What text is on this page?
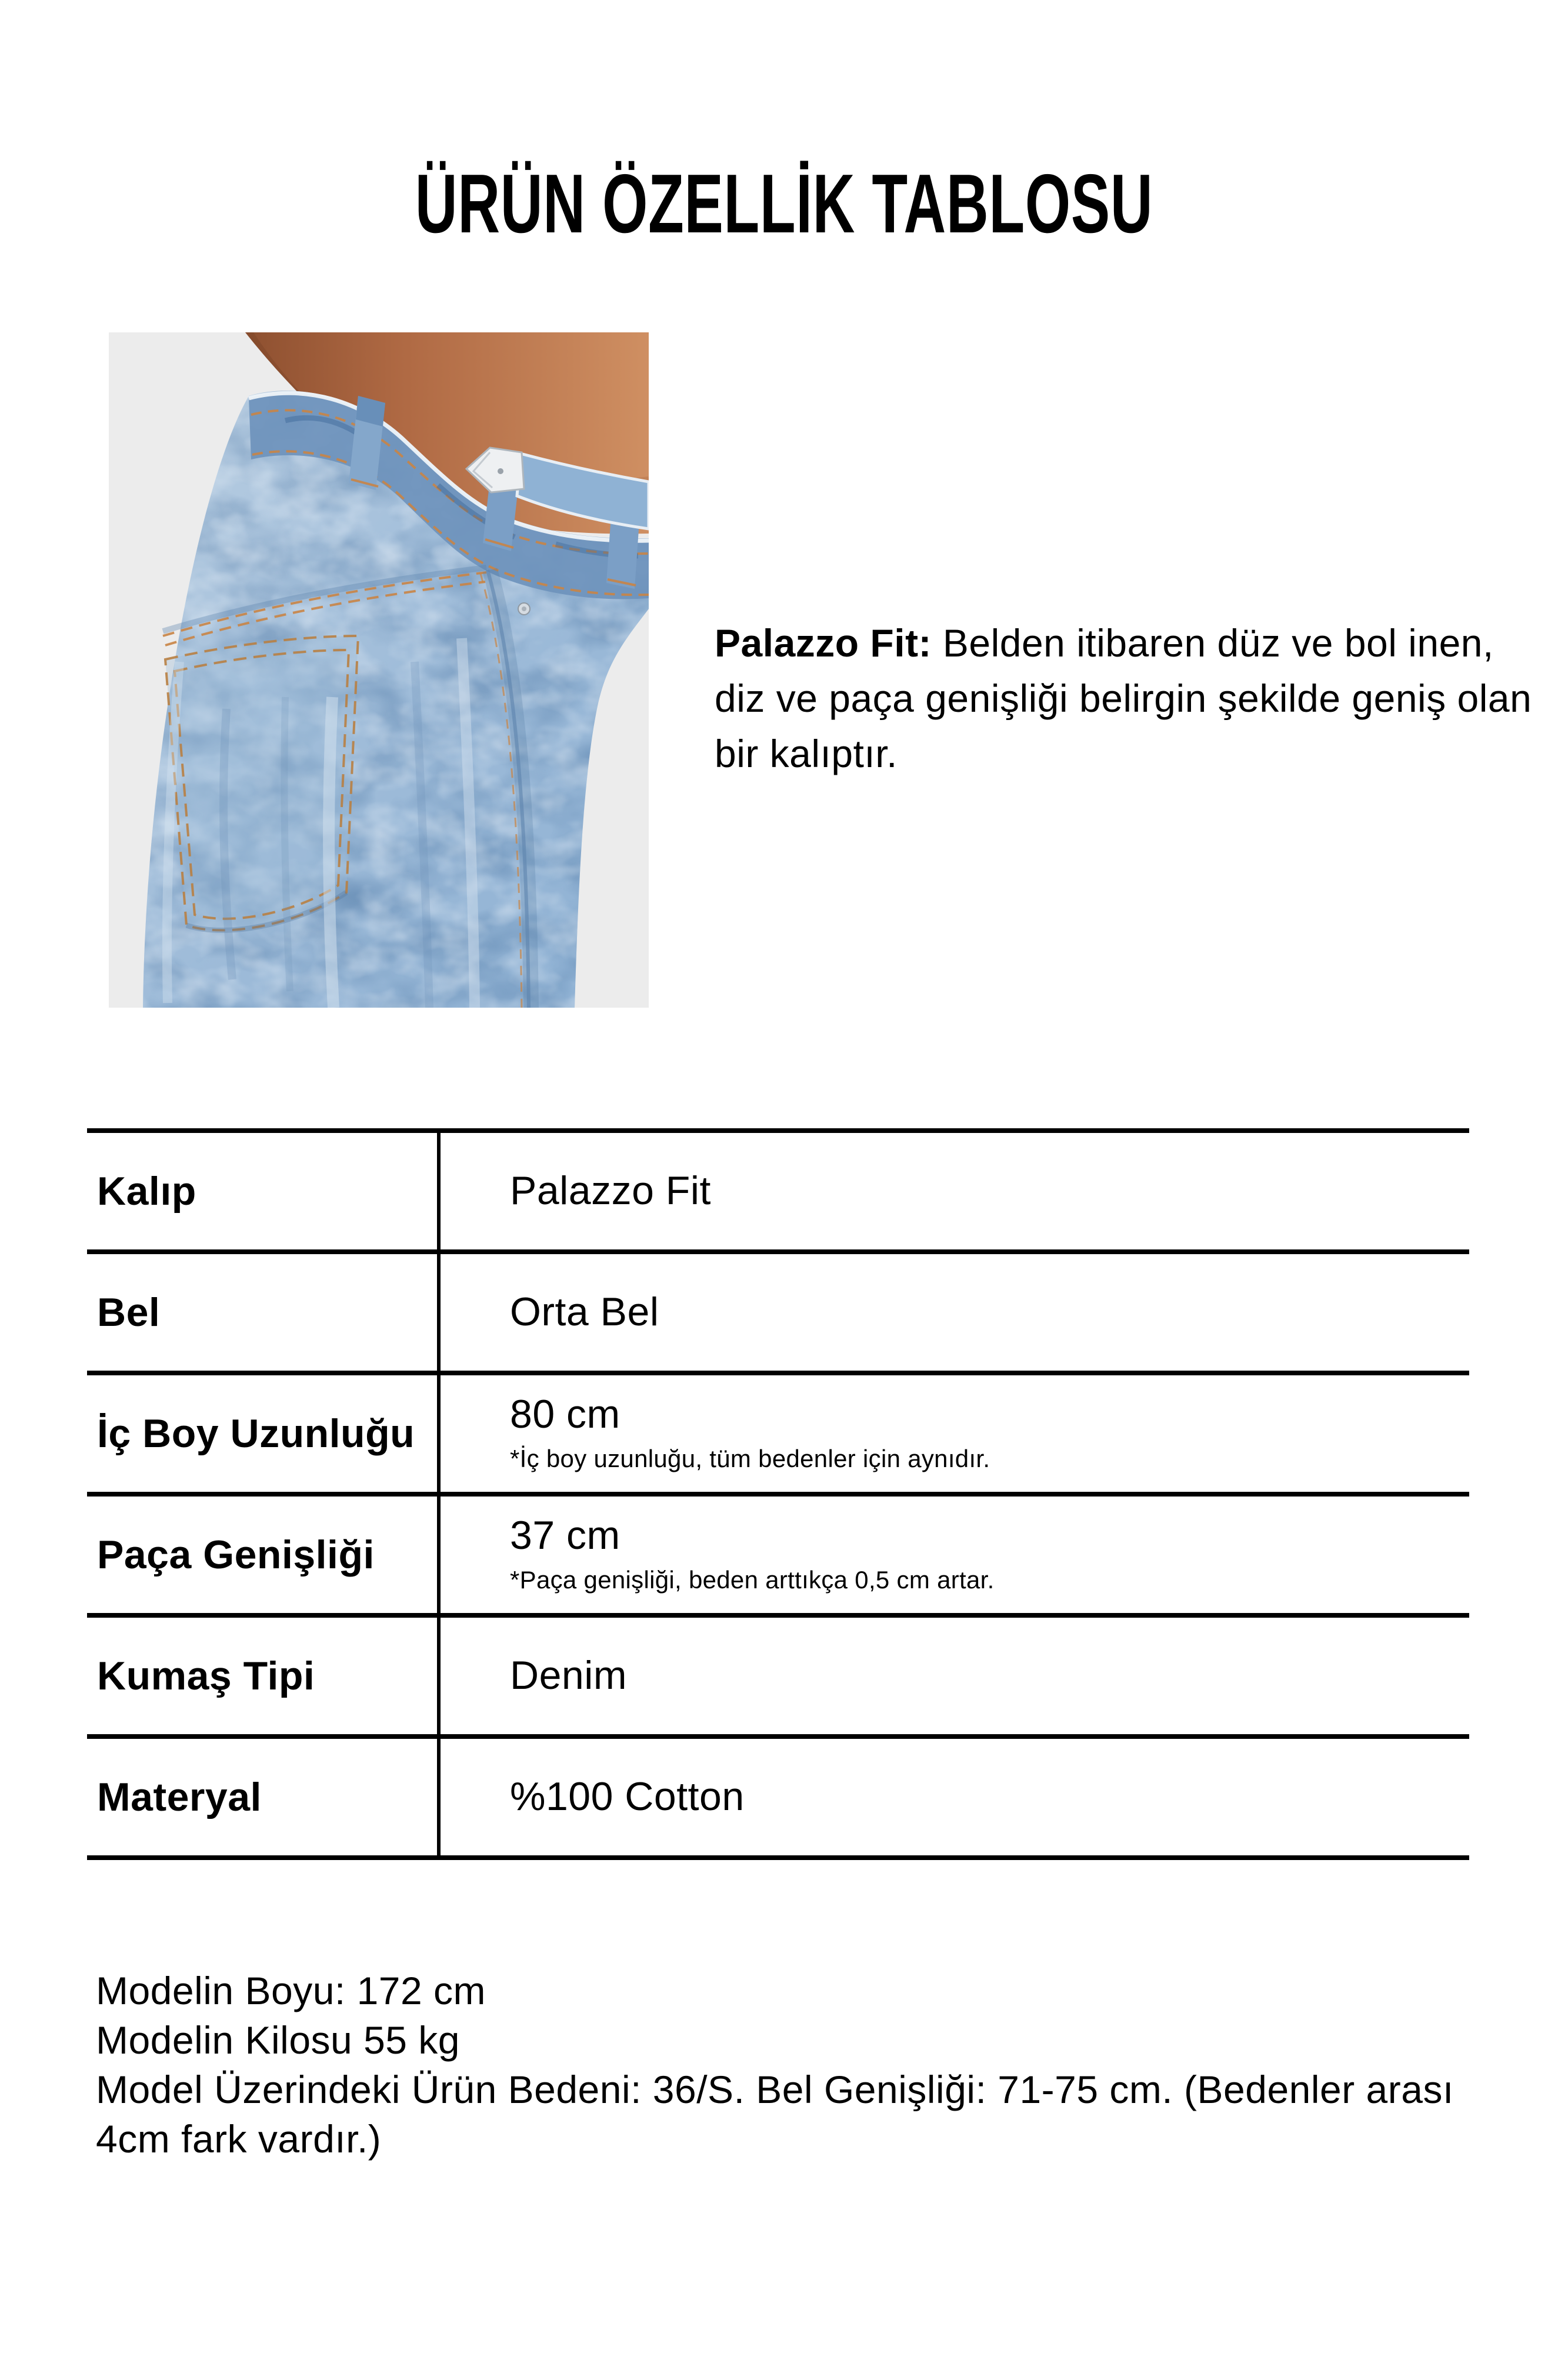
ÜRÜN ÖZELLİK TABLOSU

Palazzo Fit: Belden itibaren düz ve bol inen, diz ve paça genişliği belirgin şekilde geniş olan bir kalıptır.

Kalıp	Palazzo Fit
Bel	Orta Bel
İç Boy Uzunluğu	80 cm
*İç boy uzunluğu, tüm bedenler için aynıdır.
Paça Genişliği	37 cm
*Paça genişliği, beden arttıkça 0,5 cm artar.
Kumaş Tipi	Denim
Materyal	%100 Cotton
Modelin Boyu: 172 cm
Modelin Kilosu 55 kg
Model Üzerindeki Ürün Bedeni: 36/S. Bel Genişliği: 71-75 cm. (Bedenler arası 4cm fark vardır.)
